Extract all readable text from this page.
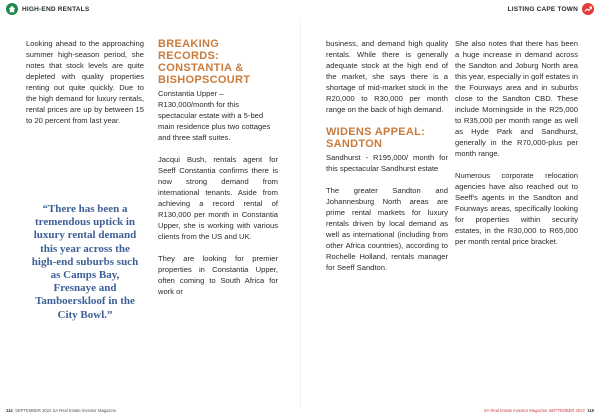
HIGH-END RENTALS	LISTING CAPE TOWN

Looking ahead to the approaching summer high-season period, she notes that stock levels are quite depleted with quality properties renting out quite quickly. Due to the high demand for luxury rentals, rental prices are up by between 15 to 20 percent from last year.

“There has been a tremendous uptick in luxury rental demand this year across the high-end suburbs such as Camps Bay, Fresnaye and Tamboerskloof in the City Bowl.”
BREAKING RECORDS: CONSTANTIA & BISHOPSCOURT

Constantia Upper – R130,000/month for this spectacular estate with a 5-bed main residence plus two cottages and three staff suites.

Jacqui Bush, rentals agent for Seeff Constantia confirms there is now strong demand from international tenants. Aside from achieving a record rental of R130,000 per month in Constantia Upper, she is working with various clients from the US and UK.

They are looking for premier properties in Constantia Upper, often coming to South Africa for work or

business, and demand high quality rentals. While there is generally adequate stock at the high end of the market, she says there is a shortage of mid-market stock in the R20,000 to R30,000 per month range on the back of high demand.

WIDENS APPEAL: SANDTON

Sandhurst - R195,000/ month for this spectacular Sandhurst estate

The greater Sandton and Johannesburg North areas are prime rental markets for luxury rentals driven by local demand as well as international (including from other Africa countries), according to Rochelle Holland, rentals manager for Seeff Sandton.

She also notes that there has been a huge increase in demand across the Sandton and Joburg North area this year, especially in golf estates in the Fourways area and in suburbs close to the Sandton CBD. These include Morningside in the R25,000 to R35,000 per month range as well as Hyde Park and Sandhurst, generally in the R70,000-plus per month range.

Numerous corporate relocation agencies have also reached out to Seeff's agents in the Sandton and Fourways areas, specifically looking for properties within security estates, in the R30,000 to R65,000 per month rental price bracket.

114 SEPTEMBER 2022 SA Real Estate Investor Magazine	SA Real Estate Investor Magazine SEPTEMBER 2022 115
